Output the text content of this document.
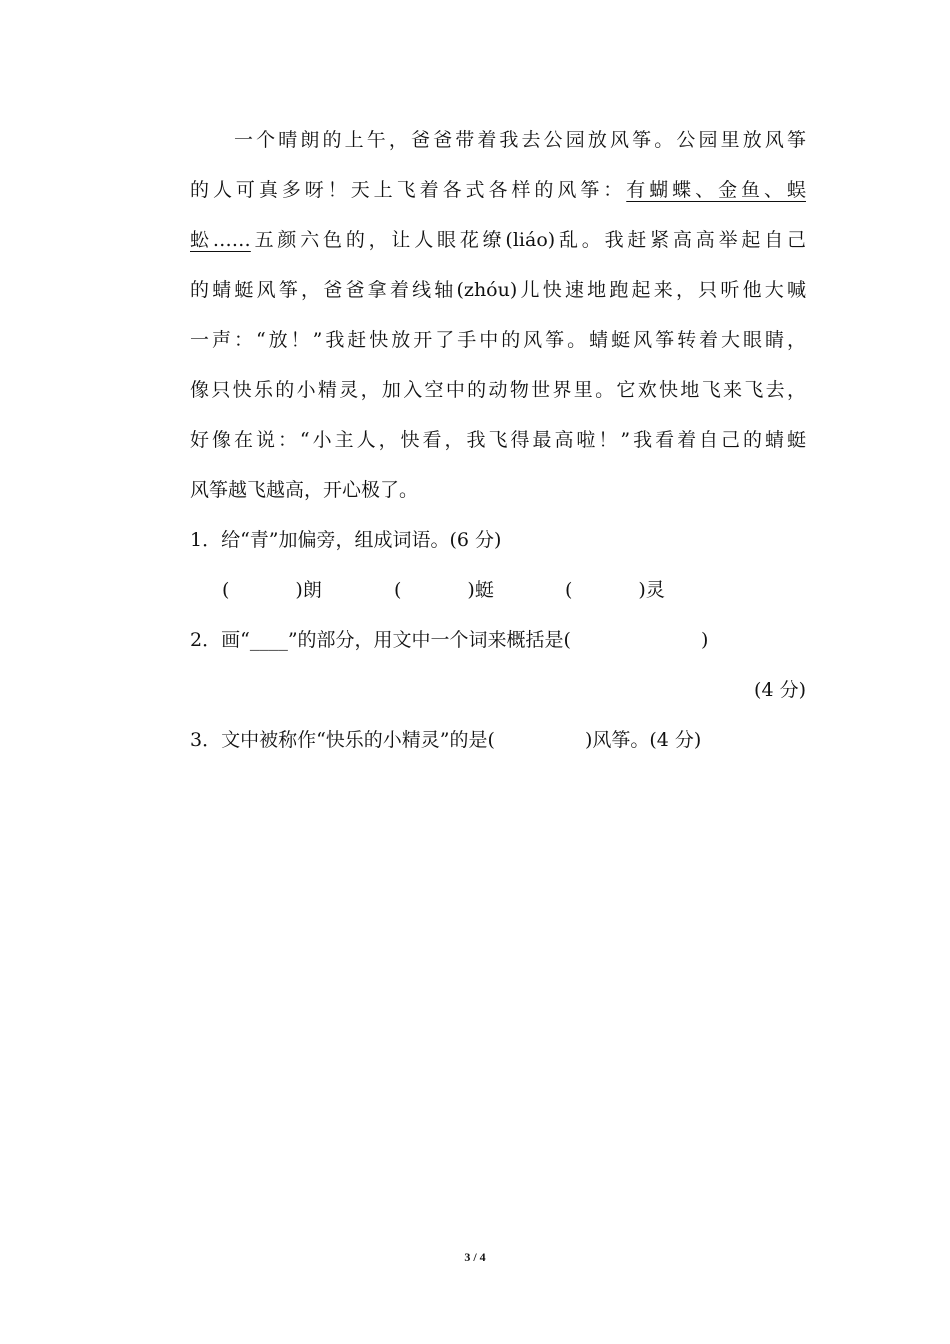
一个晴朗的上午，爸爸带着我去公园放风筝。公园里放风筝
的人可真多呀！天上飞着各式各样的风筝：有蝴蝶、金鱼、蜈
蚣……五颜六色的，让人眼花缭(liáo)乱。我赶紧高高举起自己
的蜻蜓风筝，爸爸拿着线轴(zhóu)儿快速地跑起来，只听他大喊
一声：“放！”我赶快放开了手中的风筝。蜻蜓风筝转着大眼睛，
像只快乐的小精灵，加入空中的动物世界里。它欢快地飞来飞去，
好像在说：“小主人，快看，我飞得最高啦！”我看着自己的蜻蜓
风筝越飞越高，开心极了。
1．给“青”加偏旁，组成词语。(6 分)
(	)朗	(	)蜓	(	)灵
2．画“____”的部分，用文中一个词来概括是(	)
(4 分)
3．文中被称作“快乐的小精灵”的是(	)风筝。(4 分)
3 / 4
